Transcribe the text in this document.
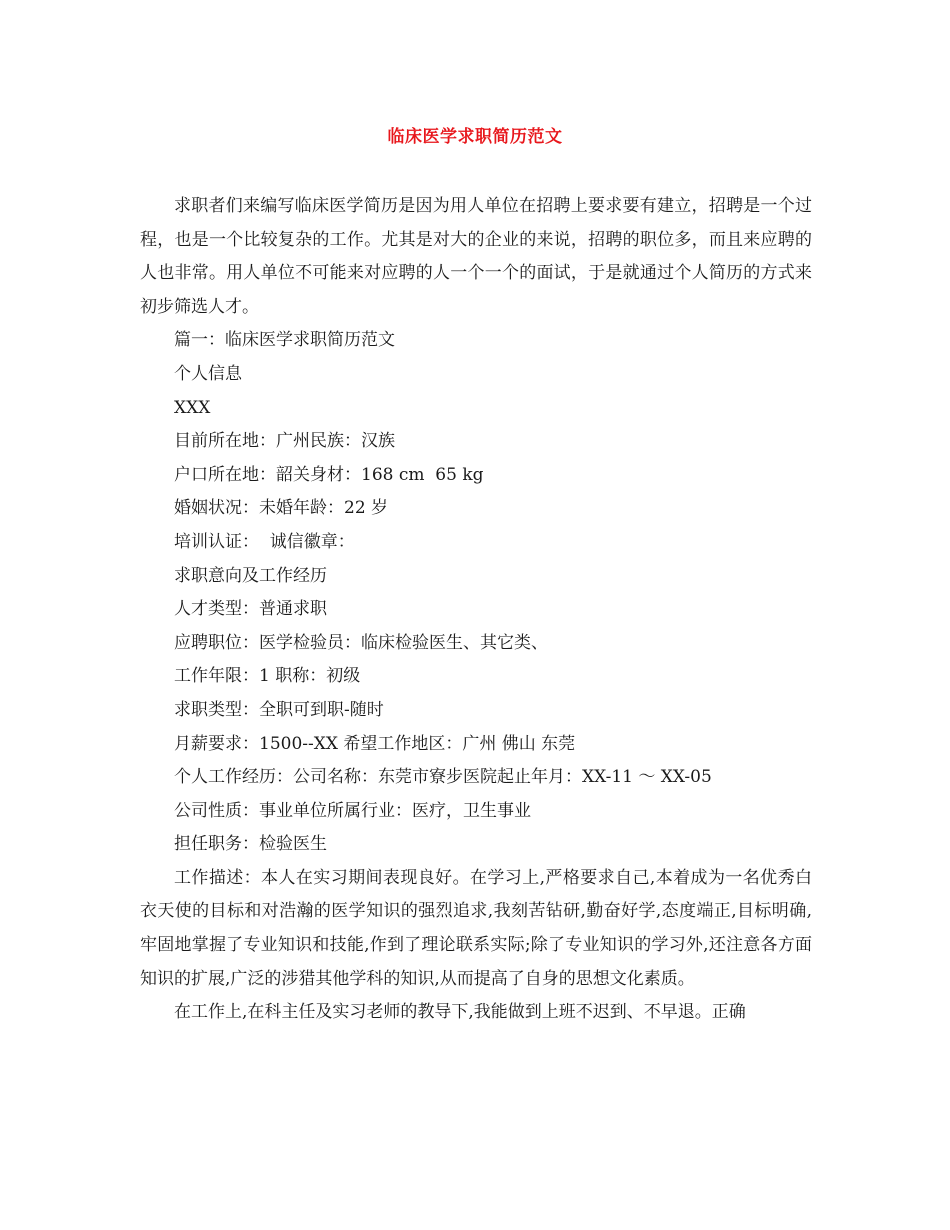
临床医学求职简历范文

求职者们来编写临床医学简历是因为用人单位在招聘上要求要有建立，招聘是一个过程，也是一个比较复杂的工作。尤其是对大的企业的来说，招聘的职位多，而且来应聘的人也非常。用人单位不可能来对应聘的人一个一个的面试，于是就通过个人简历的方式来初步筛选人才。

篇一：临床医学求职简历范文

个人信息

XXX

目前所在地：广州民族：汉族

户口所在地：韶关身材：168 cm  65 kg

婚姻状况：未婚年龄：22 岁

培训认证：  诚信徽章：

求职意向及工作经历

人才类型：普通求职

应聘职位：医学检验员：临床检验医生、其它类、

工作年限：1 职称：初级

求职类型：全职可到职-随时

月薪要求：1500--XX 希望工作地区：广州 佛山 东莞

个人工作经历：公司名称：东莞市寮步医院起止年月：XX-11 ～ XX-05

公司性质：事业单位所属行业：医疗，卫生事业

担任职务：检验医生

工作描述：本人在实习期间表现良好。在学习上,严格要求自己,本着成为一名优秀白衣天使的目标和对浩瀚的医学知识的强烈追求,我刻苦钻研,勤奋好学,态度端正,目标明确,牢固地掌握了专业知识和技能,作到了理论联系实际;除了专业知识的学习外,还注意各方面知识的扩展,广泛的涉猎其他学科的知识,从而提高了自身的思想文化素质。

在工作上,在科主任及实习老师的教导下,我能做到上班不迟到、不早退。正确
